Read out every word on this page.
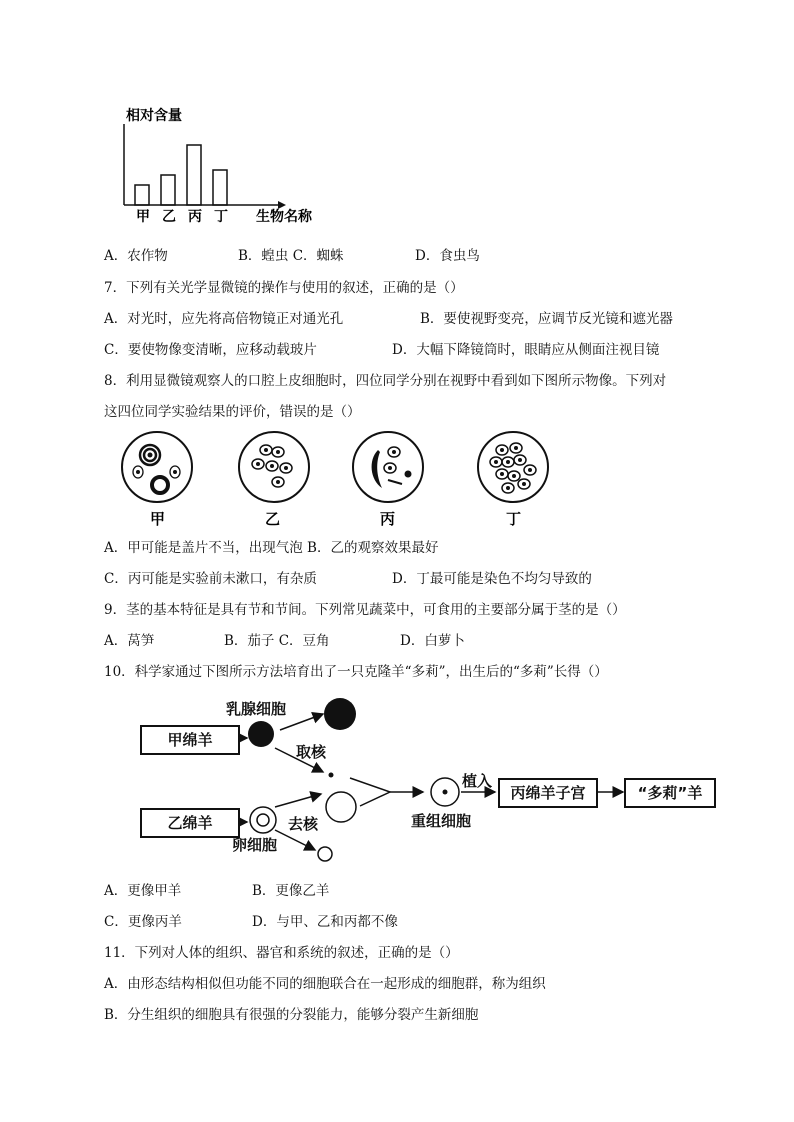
相对含量
甲 乙 丙 丁 生物名称
A．农作物	B．蝗虫 C．蜘蛛	D．食虫鸟
7．下列有关光学显微镜的操作与使用的叙述，正确的是（）
A．对光时，应先将高倍物镜正对通光孔	B．要使视野变亮，应调节反光镜和遮光器
C．要使物像变清晰，应移动载玻片	D．大幅下降镜筒时，眼睛应从侧面注视目镜
8．利用显微镜观察人的口腔上皮细胞时，四位同学分别在视野中看到如下图所示物像。下列对
这四位同学实验结果的评价，错误的是（）
甲	乙	丙	丁
A．甲可能是盖片不当，出现气泡 B．乙的观察效果最好
C．丙可能是实验前未漱口，有杂质	D．丁最可能是染色不均匀导致的
9．茎的基本特征是具有节和节间。下列常见蔬菜中，可食用的主要部分属于茎的是（）
A．莴笋	B．茄子 C．豆角	D．白萝卜
10．科学家通过下图所示方法培育出了一只克隆羊“多莉”，出生后的“多莉”长得（）
甲绵羊
乙绵羊
丙绵羊子宫	“多莉”羊
乳腺细胞
取核
去核
卵细胞
植入
重组细胞
A．更像甲羊	B．更像乙羊
C．更像丙羊	D．与甲、乙和丙都不像
11．下列对人体的组织、器官和系统的叙述，正确的是（）
A．由形态结构相似但功能不同的细胞联合在一起形成的细胞群，称为组织
B．分生组织的细胞具有很强的分裂能力，能够分裂产生新细胞
